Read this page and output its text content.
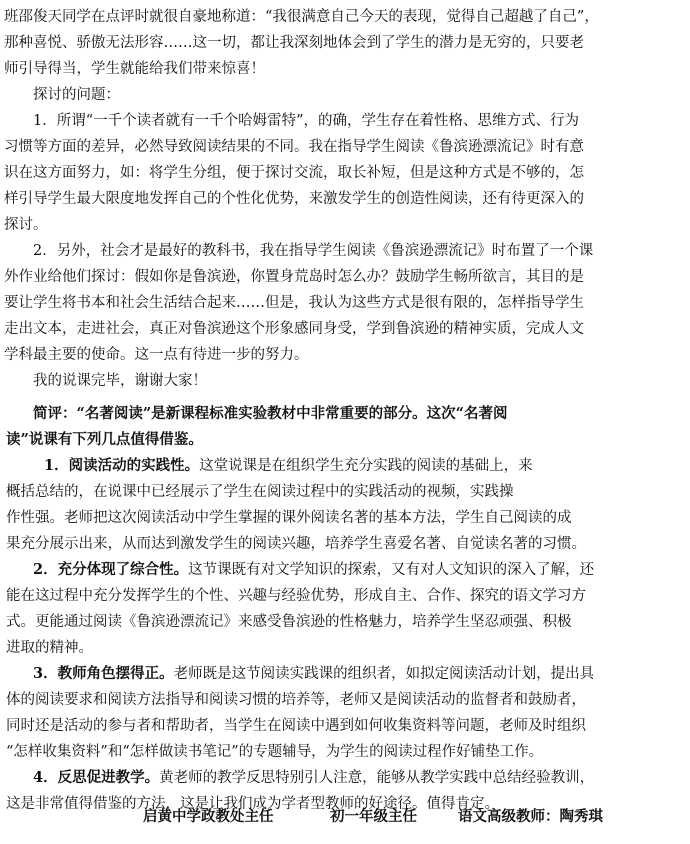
班邵俊天同学在点评时就很自豪地称道：“我很满意自己今天的表现，觉得自己超越了自己”，
那种喜悦、骄傲无法形容……这一切，都让我深刻地体会到了学生的潜力是无穷的，只要老
师引导得当，学生就能给我们带来惊喜！
探讨的问题：
1．所谓“一千个读者就有一千个哈姆雷特”，的确，学生存在着性格、思维方式、行为
习惯等方面的差异，必然导致阅读结果的不同。我在指导学生阅读《鲁滨逊漂流记》时有意
识在这方面努力，如：将学生分组，便于探讨交流，取长补短，但是这种方式是不够的，怎
样引导学生最大限度地发挥自己的个性化优势，来激发学生的创造性阅读，还有待更深入的
探讨。
2．另外，社会才是最好的教科书，我在指导学生阅读《鲁滨逊漂流记》时布置了一个课
外作业给他们探讨：假如你是鲁滨逊，你置身荒岛时怎么办？鼓励学生畅所欲言，其目的是
要让学生将书本和社会生活结合起来……但是，我认为这些方式是很有限的，怎样指导学生
走出文本，走进社会，真正对鲁滨逊这个形象感同身受，学到鲁滨逊的精神实质，完成人文
学科最主要的使命。这一点有待进一步的努力。
我的说课完毕，谢谢大家！
简评：“名著阅读”是新课程标准实验教材中非常重要的部分。这次“名著阅
读”说课有下列几点值得借鉴。
1．阅读活动的实践性。这堂说课是在组织学生充分实践的阅读的基础上，来
概括总结的，在说课中已经展示了学生在阅读过程中的实践活动的视频，实践操
作性强。老师把这次阅读活动中学生掌握的课外阅读名著的基本方法，学生自己阅读的成
果充分展示出来，从而达到激发学生的阅读兴趣，培养学生喜爱名著、自觉读名著的习惯。
2．充分体现了综合性。这节课既有对文学知识的探索，又有对人文知识的深入了解，还
能在这过程中充分发挥学生的个性、兴趣与经验优势，形成自主、合作、探究的语文学习方
式。更能通过阅读《鲁滨逊漂流记》来感受鲁滨逊的性格魅力，培养学生坚忍顽强、积极
进取的精神。
3．教师角色摆得正。老师既是这节阅读实践课的组织者，如拟定阅读活动计划，提出具
体的阅读要求和阅读方法指导和阅读习惯的培养等，老师又是阅读活动的监督者和鼓励者，
同时还是活动的参与者和帮助者，当学生在阅读中遇到如何收集资料等问题，老师及时组织
“怎样收集资料”和“怎样做读书笔记”的专题辅导，为学生的阅读过程作好铺垫工作。
4．反思促进教学。黄老师的教学反思特别引人注意，能够从教学实践中总结经验教训，
这是非常值得借鉴的方法，这是让我们成为学者型教师的好途径。值得肯定。
启黄中学政教处主任	初一年级主任	语文高级教师：陶秀琪
